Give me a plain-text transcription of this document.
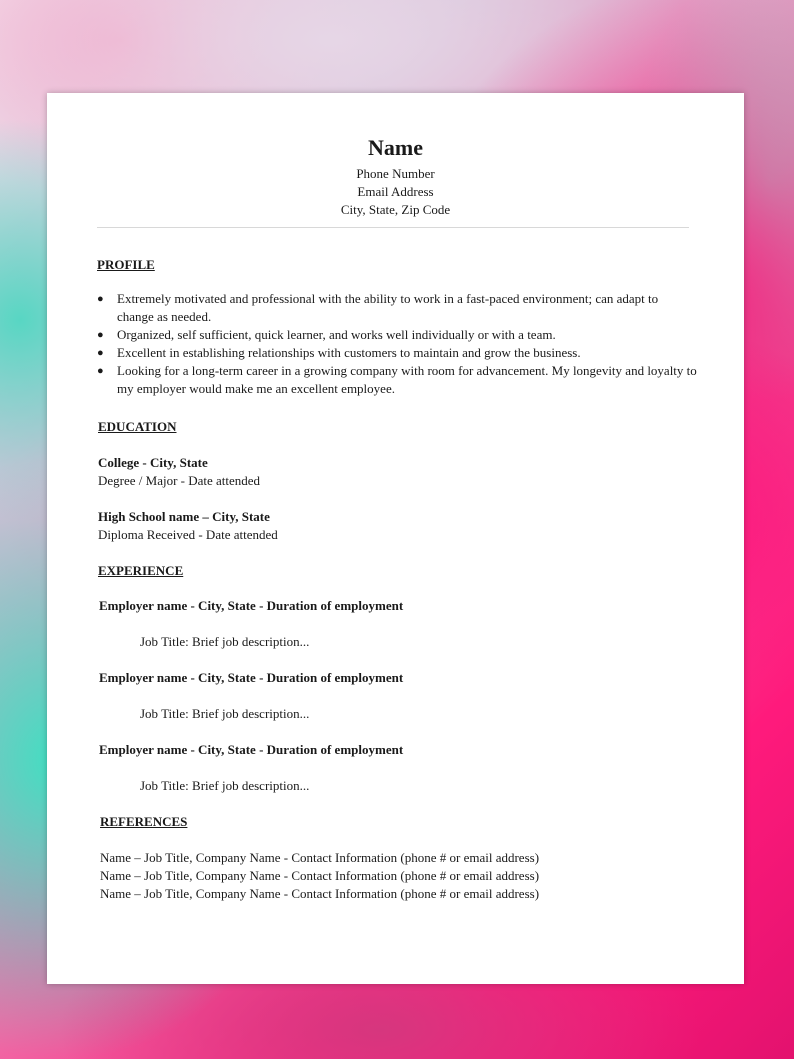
Name

Phone Number

Email Address

City, State, Zip Code

PROFILE

● Extremely motivated and professional with the ability to work in a fast-paced environment; can adapt to change as needed.
● Organized, self sufficient, quick learner, and works well individually or with a team.
● Excellent in establishing relationships with customers to maintain and grow the business.
● Looking for a long-term career in a growing company with room for advancement. My longevity and loyalty to my employer would make me an excellent employee.

EDUCATION

College - City, State

Degree / Major - Date attended

High School name – City, State

Diploma Received - Date attended

EXPERIENCE

Employer name - City, State - Duration of employment

Job Title: Brief job description...

Employer name - City, State - Duration of employment

Job Title: Brief job description...

Employer name - City, State - Duration of employment

Job Title: Brief job description...

REFERENCES

Name – Job Title, Company Name - Contact Information (phone # or email address)

Name – Job Title, Company Name - Contact Information (phone # or email address)

Name – Job Title, Company Name - Contact Information (phone # or email address)
